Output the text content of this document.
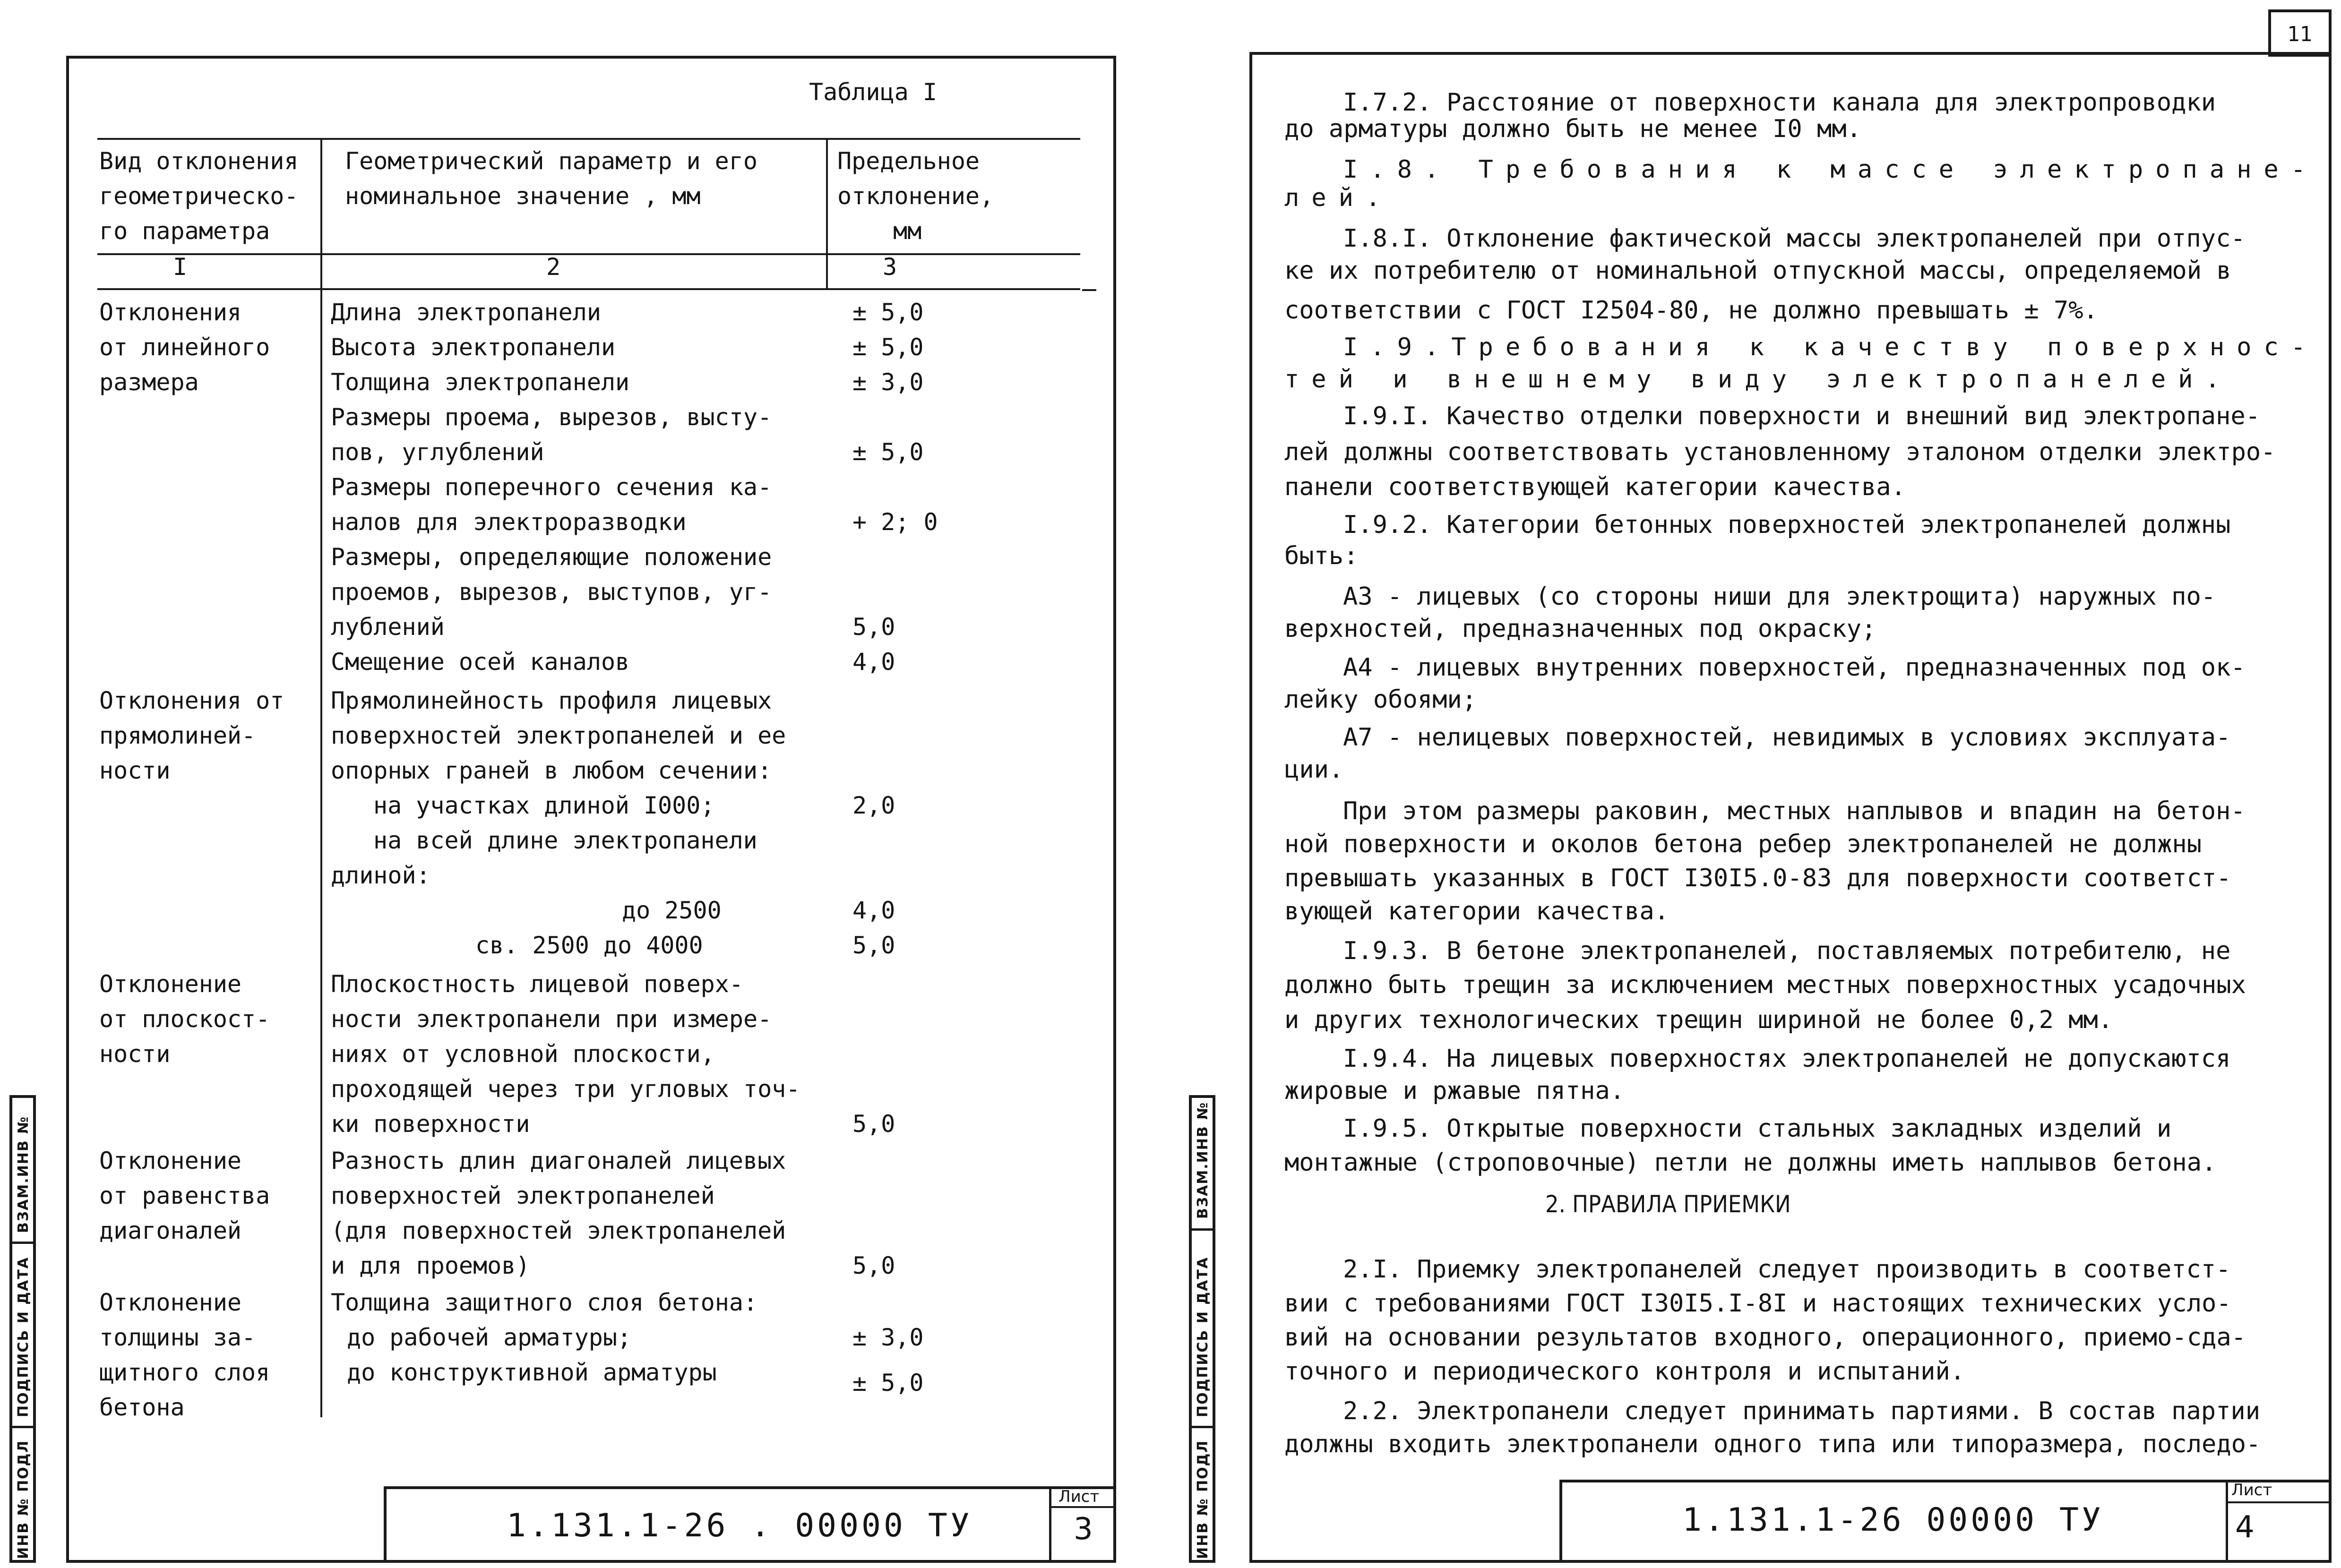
ВЗАМ.ИНВ №
ПОДПИСЬ И ДАТА
ИНВ № ПОДЛ
Таблица I
Вид отклонения
геометрическо-
го параметра
Геометрический параметр и его
номинальное значение , мм
Предельное
отклонение,
мм
I	2	3
Отклонения
от линейного
размера
Отклонения от
прямолиней-
ности
Отклонение
от плоскост-
ности
Отклонение
от равенства
диагоналей
Отклонение
толщины за-
щитного слоя
бетона
Длина электропанели
Высота электропанели
Толщина электропанели
Размеры проема, вырезов, высту-
пов, углублений
Размеры поперечного сечения ка-
налов для электроразводки
Размеры, определяющие положение
проемов, вырезов, выступов, уг-
лублений
Смещение осей каналов
Прямолинейность профиля лицевых
поверхностей электропанелей и ее
опорных граней в любом сечении:
на участках длиной I000;
на всей длине электропанели
длиной:
до 2500
св. 2500 до 4000
Плоскостность лицевой поверх-
ности электропанели при измере-
ниях от условной плоскости,
проходящей через три угловых точ-
ки поверхности
Разность длин диагоналей лицевых
поверхностей электропанелей
(для поверхностей электропанелей
и для проемов)
Толщина защитного слоя бетона:
до рабочей арматуры;
до конструктивной арматуры
± 5,0
± 5,0
± 3,0
± 5,0
+ 2; 0
5,0
4,0
2,0
4,0
5,0
5,0
5,0
± 3,0
± 5,0
1.131.1-26 . 00000 ТУ
Лист
3
11
ВЗАМ.ИНВ №
ПОДПИСЬ И ДАТА
ИНВ № ПОДЛ
I.7.2. Расстояние от поверхности канала для электропроводки
до арматуры должно быть не менее I0 мм.
I.8. Требования к массе электропане-
лей.
I.8.I. Отклонение фактической массы электропанелей при отпус-
ке их потребителю от номинальной отпускной массы, определяемой в
соответствии с ГОСТ I2504-80, не должно превышать ± 7%.
I.9.Требования к качеству поверхнос-
тей и внешнему виду электропанелей.
I.9.I. Качество отделки поверхности и внешний вид электропане-
лей должны соответствовать установленному эталоном отделки электро-
панели соответствующей категории качества.
I.9.2. Категории бетонных поверхностей электропанелей должны
быть:
А3 - лицевых (со стороны ниши для электрощита) наружных по-
верхностей, предназначенных под окраску;
А4 - лицевых внутренних поверхностей, предназначенных под ок-
лейку обоями;
А7 - нелицевых поверхностей, невидимых в условиях эксплуата-
ции.
При этом размеры раковин, местных наплывов и впадин на бетон-
ной поверхности и околов бетона ребер электропанелей не должны
превышать указанных в ГОСТ I30I5.0-83 для поверхности соответст-
вующей категории качества.
I.9.3. В бетоне электропанелей, поставляемых потребителю, не
должно быть трещин за исключением местных поверхностных усадочных
и других технологических трещин шириной не более 0,2 мм.
I.9.4. На лицевых поверхностях электропанелей не допускаются
жировые и ржавые пятна.
I.9.5. Открытые поверхности стальных закладных изделий и
монтажные (строповочные) петли не должны иметь наплывов бетона.
2. ПРАВИЛА ПРИЕМКИ
2.I. Приемку электропанелей следует производить в соответст-
вии с требованиями ГОСТ I30I5.I-8I и настоящих технических усло-
вий на основании результатов входного, операционного, приемо-сда-
точного и периодического контроля и испытаний.
2.2. Электропанели следует принимать партиями. В состав партии
должны входить электропанели одного типа или типоразмера, последо-
1.131.1-26 00000 ТУ
Лист
4
